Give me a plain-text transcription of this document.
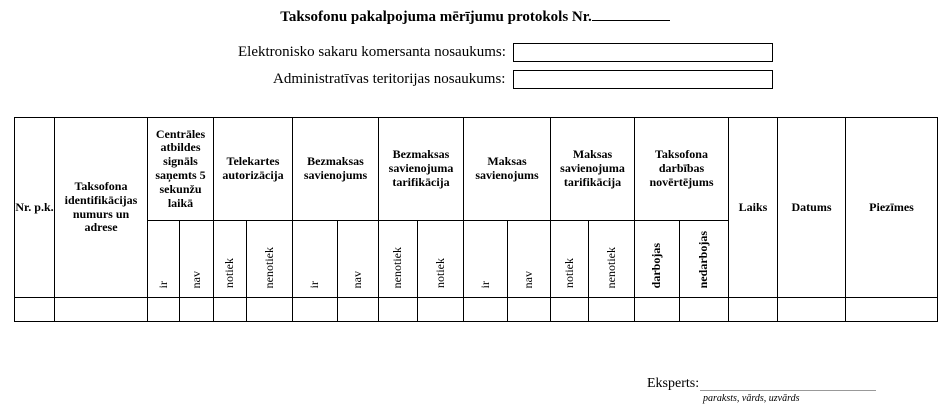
Taksofonu pakalpojuma mērījumu protokols Nr.
Elektronisko sakaru komersanta nosaukums:
Administratīvas teritorijas nosaukums:
Nr. p.k.	Taksofona identifikācijas numurs un adrese	Centrāles atbildes signāls saņemts 5 sekunžu laikā		Telekartes autorizācija		Bezmaksas savienojums		Bezmaksas savienojuma tarifikācija		Maksas savienojums		Maksas savienojuma tarifikācija		Taksofona darbības novērtējums		Laiks	Datums	Piezīmes
		ir	nav	notiek	nenotiek	ir	nav	nenotiek	notiek	ir	nav	notiek	nenotiek	darbojas	nedarbojas			

Eksperts:
paraksts, vārds, uzvārds
